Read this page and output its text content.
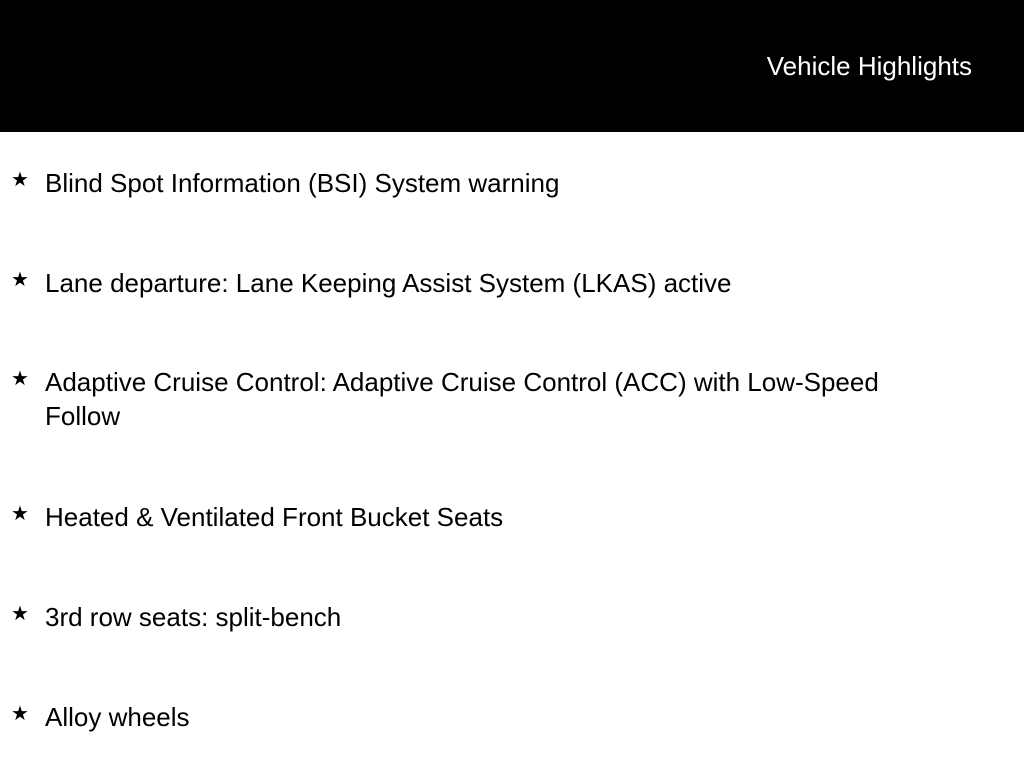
Vehicle Highlights
★ Blind Spot Information (BSI) System warning
★ Lane departure: Lane Keeping Assist System (LKAS) active
★ Adaptive Cruise Control: Adaptive Cruise Control (ACC) with Low-Speed Follow
★ Heated & Ventilated Front Bucket Seats
★ 3rd row seats: split-bench
★ Alloy wheels
